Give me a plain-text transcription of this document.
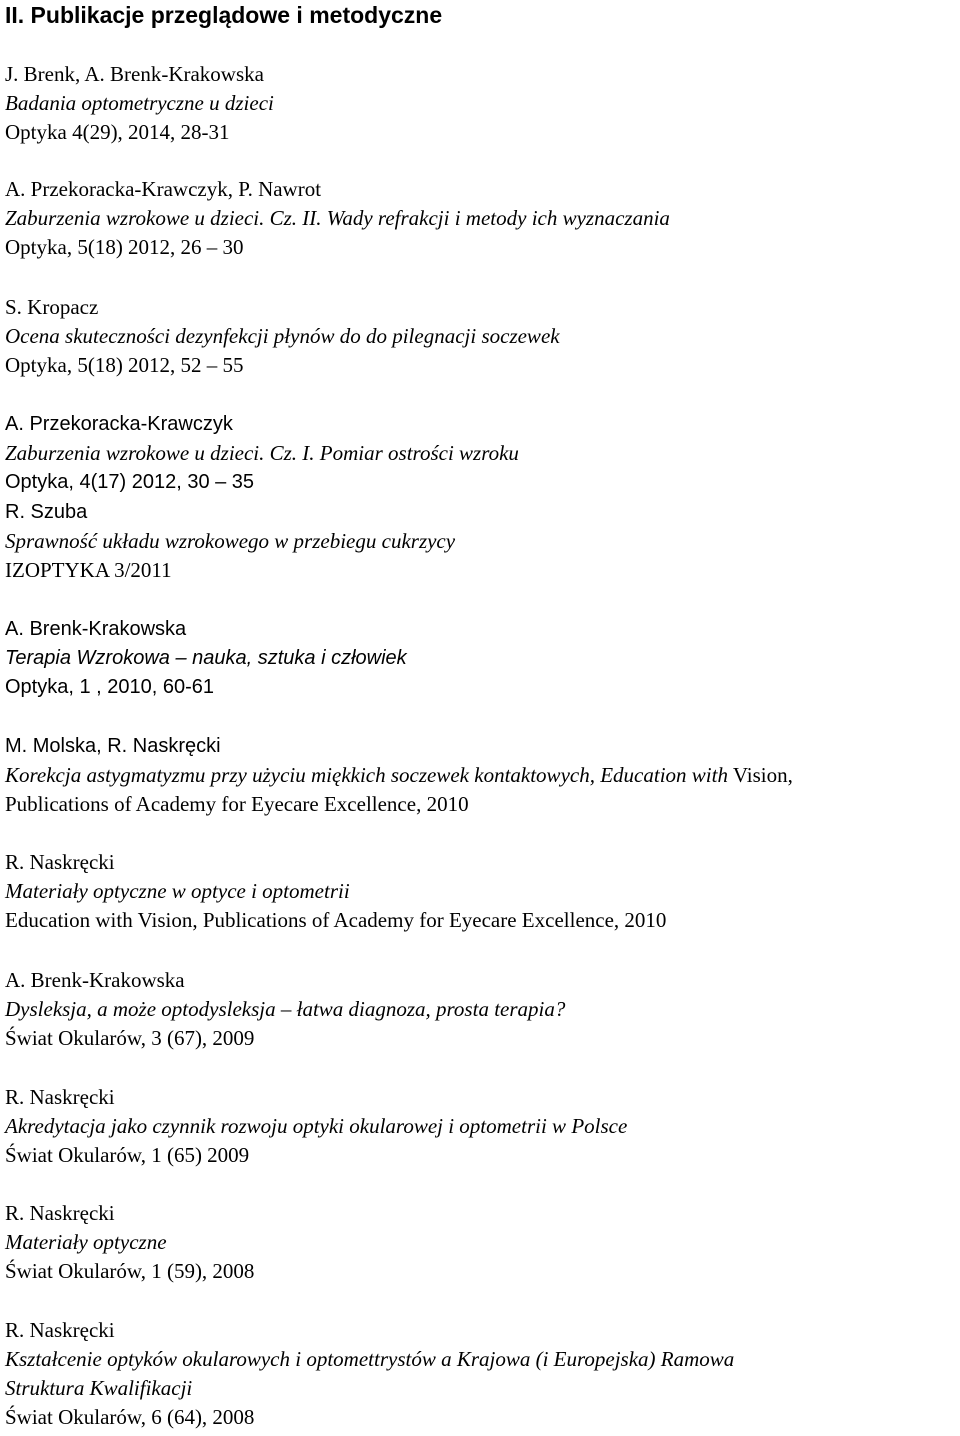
II. Publikacje przeglądowe i metodyczne
J. Brenk, A. Brenk-Krakowska
Badania optometryczne u dzieci
Optyka 4(29), 2014, 28-31
A. Przekoracka-Krawczyk, P. Nawrot
Zaburzenia wzrokowe u dzieci. Cz. II. Wady refrakcji i metody ich wyznaczania
Optyka, 5(18) 2012, 26 – 30
S. Kropacz
Ocena skuteczności dezynfekcji płynów do do pilegnacji soczewek
Optyka, 5(18) 2012, 52 – 55
A. Przekoracka-Krawczyk
Zaburzenia wzrokowe u dzieci. Cz. I. Pomiar ostrości wzroku
Optyka, 4(17) 2012, 30 – 35
R. Szuba
Sprawność układu wzrokowego w przebiegu cukrzycy
IZOPTYKA 3/2011
A. Brenk-Krakowska
Terapia Wzrokowa – nauka, sztuka i człowiek
Optyka, 1 , 2010, 60-61
M. Molska, R. Naskręcki
Korekcja astygmatyzmu przy użyciu miękkich soczewek kontaktowych, Education with Vision,
Publications of Academy for Eyecare Excellence, 2010
R. Naskręcki
Materiały optyczne w optyce i optometrii
Education with Vision, Publications of Academy for Eyecare Excellence, 2010
A. Brenk-Krakowska
Dysleksja, a może optodysleksja – łatwa diagnoza, prosta terapia?
Świat Okularów, 3 (67), 2009
R. Naskręcki
Akredytacja jako czynnik rozwoju optyki okularowej i optometrii w Polsce
Świat Okularów, 1 (65) 2009
R. Naskręcki
Materiały optyczne
Świat Okularów, 1 (59), 2008
R. Naskręcki
Kształcenie optyków okularowych i optomettrystów a Krajowa (i Europejska) Ramowa
Struktura Kwalifikacji
Świat Okularów, 6 (64), 2008
